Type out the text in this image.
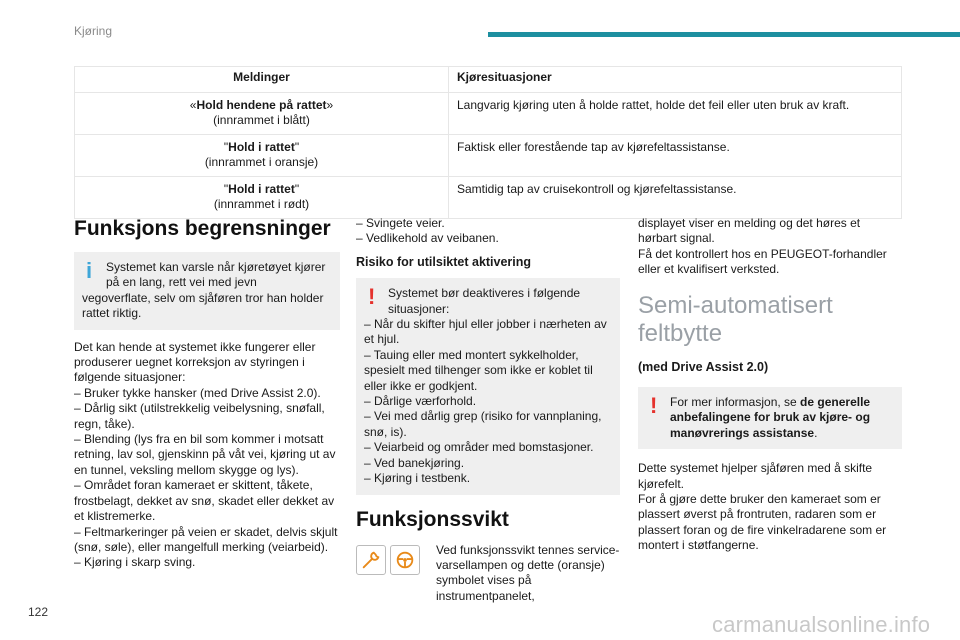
Kjøring
Meldinger	Kjøresituasjoner
«Hold hendene på rattet»
(innrammet i blått)	Langvarig kjøring uten å holde rattet, holde det feil eller uten bruk av kraft.
"Hold i rattet"
(innrammet i oransje)	Faktisk eller forestående tap av kjørefeltassistanse.
"Hold i rattet"
(innrammet i rødt)	Samtidig tap av cruisekontroll og kjørefeltassistanse.
Funksjons begrensninger
i	Systemet kan varsle når kjøretøyet kjører

på en lang, rett vei med jevn

vegoverflate, selv om sjåføren tror han holder rattet riktig.

Det kan hende at systemet ikke fungerer eller produserer uegnet korreksjon av styringen i følgende situasjoner:

– Bruker tykke hansker (med Drive Assist 2.0).

– Dårlig sikt (utilstrekkelig veibelysning, snøfall, regn, tåke).

– Blending (lys fra en bil som kommer i motsatt retning, lav sol, gjenskinn på våt vei, kjøring ut av en tunnel, veksling mellom skygge og lys).

– Området foran kameraet er skittent, tåkete, frostbelagt, dekket av snø, skadet eller dekket av et klistremerke.

– Feltmarkeringer på veien er skadet, delvis skjult (snø, søle), eller mangelfull merking (veiarbeid).

– Kjøring i skarp sving.

– Svingete veier.

– Vedlikehold av veibanen.

Risiko for utilsiktet aktivering
!	Systemet bør deaktiveres i følgende

situasjoner:

– Når du skifter hjul eller jobber i nærheten av et hjul.

– Tauing eller med montert sykkelholder, spesielt med tilhenger som ikke er koblet til eller ikke er godkjent.

– Dårlige værforhold.

– Vei med dårlig grep (risiko for vannplaning, snø, is).

– Veiarbeid og områder med bomstasjoner.

– Ved banekjøring.

– Kjøring i testbenk.

Funksjonssvikt

Ved funksjonssvikt tennes service-varsellampen og dette (oransje) symbolet vises på instrumentpanelet,

displayet viser en melding og det høres et hørbart signal.

Få det kontrollert hos en PEUGEOT-forhandler eller et kvalifisert verksted.

Semi-automatisert feltbytte
(med Drive Assist 2.0)
!	For mer informasjon, se de generelle anbefalingene for bruk av kjøre- og manøvrerings assistanse.

Dette systemet hjelper sjåføren med å skifte kjørefelt.

For å gjøre dette bruker den kameraet som er plassert øverst på frontruten, radaren som er plassert foran og de fire vinkelradarene som er montert i støtfangerne.

122	carmanualsonline.info
